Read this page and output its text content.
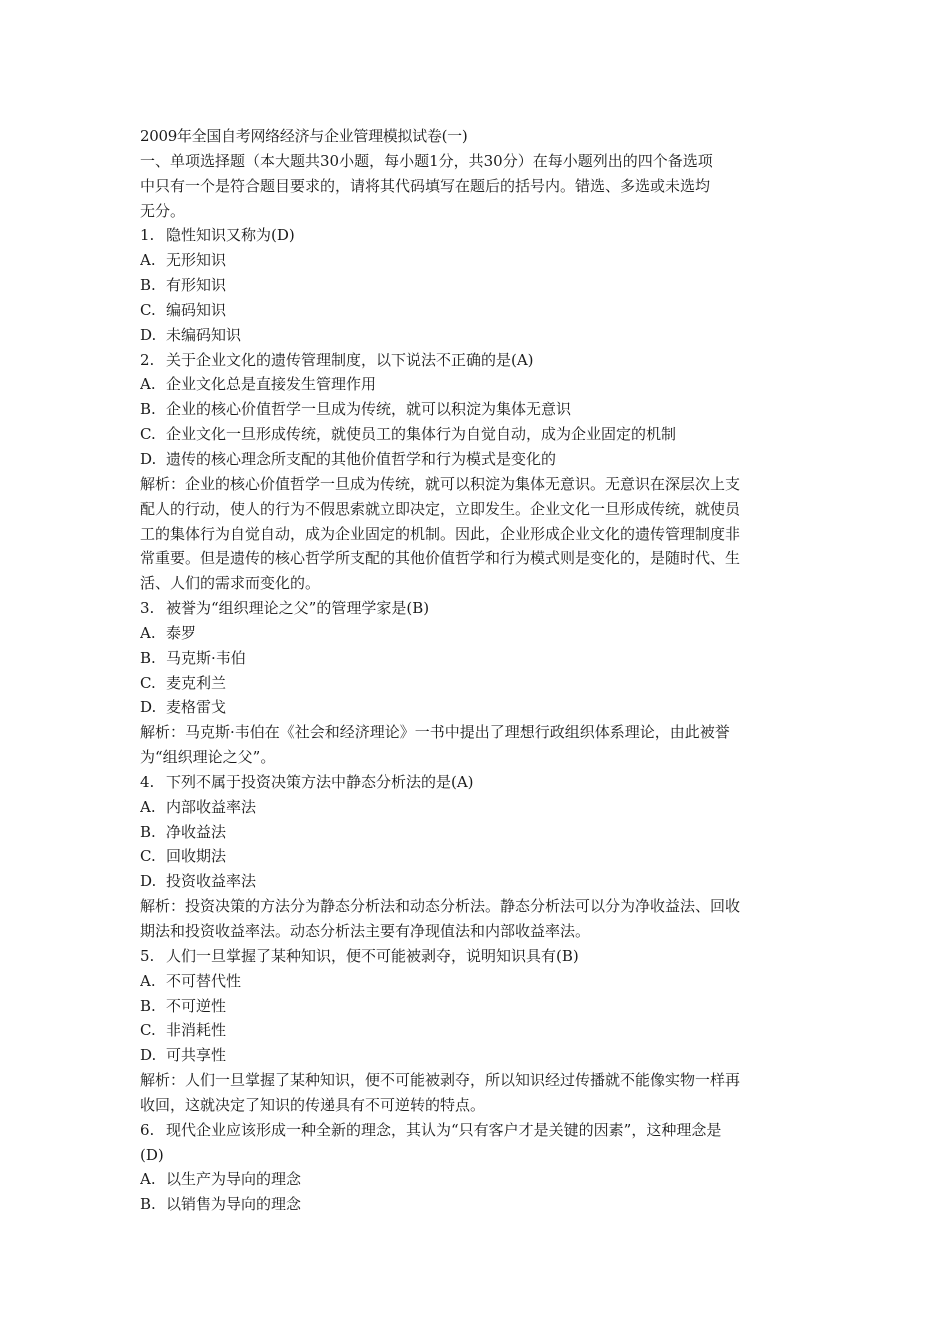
2009年全国自考网络经济与企业管理模拟试卷(一)
一、单项选择题（本大题共30小题，每小题1分，共30分）在每小题列出的四个备选项
中只有一个是符合题目要求的，请将其代码填写在题后的括号内。错选、多选或未选均
无分。
1. 隐性知识又称为(D)
A. 无形知识
B. 有形知识
C. 编码知识
D. 未编码知识
2. 关于企业文化的遗传管理制度，以下说法不正确的是(A)
A. 企业文化总是直接发生管理作用
B. 企业的核心价值哲学一旦成为传统，就可以积淀为集体无意识
C. 企业文化一旦形成传统，就使员工的集体行为自觉自动，成为企业固定的机制
D. 遗传的核心理念所支配的其他价值哲学和行为模式是变化的
解析：企业的核心价值哲学一旦成为传统，就可以积淀为集体无意识。无意识在深层次上支
配人的行动，使人的行为不假思索就立即决定，立即发生。企业文化一旦形成传统，就使员
工的集体行为自觉自动，成为企业固定的机制。因此，企业形成企业文化的遗传管理制度非
常重要。但是遗传的核心哲学所支配的其他价值哲学和行为模式则是变化的，是随时代、生
活、人们的需求而变化的。
3. 被誉为“组织理论之父”的管理学家是(B)
A. 泰罗
B. 马克斯·韦伯
C. 麦克利兰
D. 麦格雷戈
解析：马克斯·韦伯在《社会和经济理论》一书中提出了理想行政组织体系理论，由此被誉
为“组织理论之父”。
4. 下列不属于投资决策方法中静态分析法的是(A)
A. 内部收益率法
B. 净收益法
C. 回收期法
D. 投资收益率法
解析：投资决策的方法分为静态分析法和动态分析法。静态分析法可以分为净收益法、回收
期法和投资收益率法。动态分析法主要有净现值法和内部收益率法。
5. 人们一旦掌握了某种知识，便不可能被剥夺，说明知识具有(B)
A. 不可替代性
B. 不可逆性
C. 非消耗性
D. 可共享性
解析：人们一旦掌握了某种知识，便不可能被剥夺，所以知识经过传播就不能像实物一样再
收回，这就决定了知识的传递具有不可逆转的特点。
6. 现代企业应该形成一种全新的理念，其认为“只有客户才是关键的因素”，这种理念是
(D)
A. 以生产为导向的理念
B. 以销售为导向的理念
